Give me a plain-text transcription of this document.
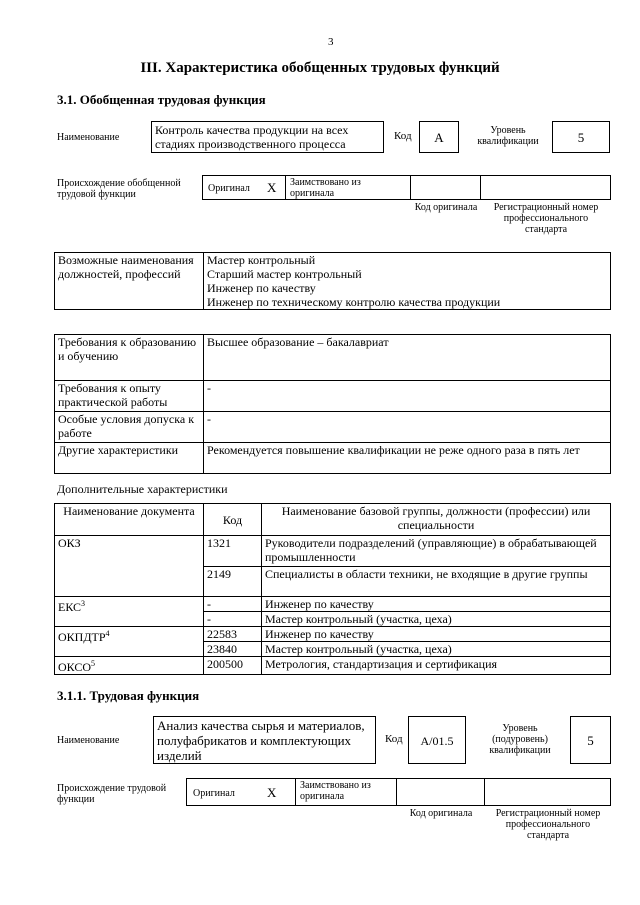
3
III. Характеристика обобщенных трудовых функций
3.1. Обобщенная трудовая функция
Наименование
Контроль качества продукции на всех стадиях производственного процесса
Код	А	Уровень квалификации	5
Происхождение обобщенной трудовой функции
Оригинал Х Заимствовано из оригинала
Код оригинала	Регистрационный номер профессионального стандарта
Возможные наименования должностей, профессий	
Мастер контрольный
Старший мастер контрольный
Инженер по качеству
Инженер по техническому контролю качества продукции
Требования к образованию и обучению	Высшее образование – бакалавриат
Требования к опыту практической работы	-
Особые условия допуска к работе	-
Другие характеристики	Рекомендуется повышение квалификации не реже одного раза в пять лет
Дополнительные характеристики
Наименование документа	Код	Наименование базовой группы, должности (профессии) или специальности
ОКЗ	1321	Руководители подразделений (управляющие) в обрабатывающей промышленности
	2149	Специалисты в области техники, не входящие в другие группы
ЕКС$^3$	-	Инженер по качеству
	-	Мастер контрольный (участка, цеха)
ОКПДТР$^4$	22583	Инженер по качеству
	23840	Мастер контрольный (участка, цеха)
ОКСО$^5$	200500	Метрология, стандартизация и сертификация
3.1.1. Трудовая функция
Наименование
Анализ качества сырья и материалов, полуфабрикатов и комплектующих изделий
Код	А/01.5
Уровень (подуровень) квалификации
5
Происхождение трудовой функции
Оригинал Х Заимствовано из оригинала
Код оригинала	Регистрационный номер профессионального стандарта
